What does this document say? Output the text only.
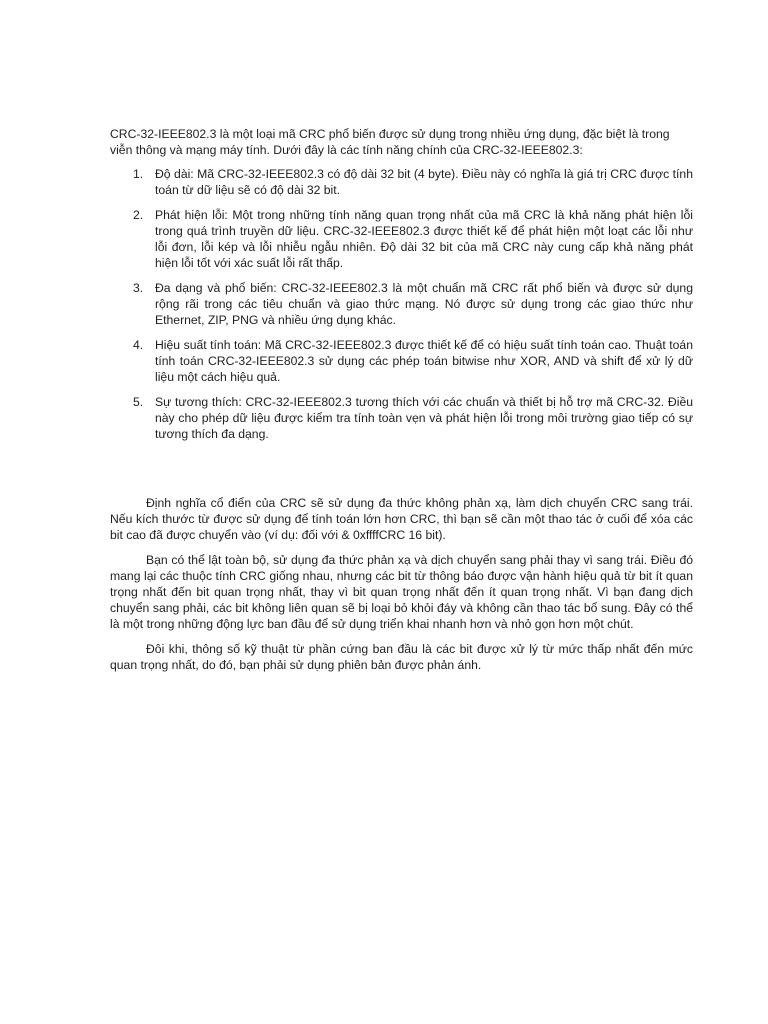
CRC-32-IEEE802.3 là một loại mã CRC phổ biến được sử dụng trong nhiều ứng dụng, đặc biệt là trong viễn thông và mạng máy tính. Dưới đây là các tính năng chính của CRC-32-IEEE802.3:

1. Độ dài: Mã CRC-32-IEEE802.3 có độ dài 32 bit (4 byte). Điều này có nghĩa là giá trị CRC được tính toán từ dữ liệu sẽ có độ dài 32 bit.
2. Phát hiện lỗi: Một trong những tính năng quan trọng nhất của mã CRC là khả năng phát hiện lỗi trong quá trình truyền dữ liệu. CRC-32-IEEE802.3 được thiết kế để phát hiện một loạt các lỗi như lỗi đơn, lỗi kép và lỗi nhiễu ngẫu nhiên. Độ dài 32 bit của mã CRC này cung cấp khả năng phát hiện lỗi tốt với xác suất lỗi rất thấp.
3. Đa dạng và phổ biến: CRC-32-IEEE802.3 là một chuẩn mã CRC rất phổ biến và được sử dụng rộng rãi trong các tiêu chuẩn và giao thức mạng. Nó được sử dụng trong các giao thức như Ethernet, ZIP, PNG và nhiều ứng dụng khác.
4. Hiệu suất tính toán: Mã CRC-32-IEEE802.3 được thiết kế để có hiệu suất tính toán cao. Thuật toán tính toán CRC-32-IEEE802.3 sử dụng các phép toán bitwise như XOR, AND và shift để xử lý dữ liệu một cách hiệu quả.
5. Sự tương thích: CRC-32-IEEE802.3 tương thích với các chuẩn và thiết bị hỗ trợ mã CRC-32. Điều này cho phép dữ liệu được kiểm tra tính toàn vẹn và phát hiện lỗi trong môi trường giao tiếp có sự tương thích đa dạng.

Định nghĩa cổ điển của CRC sẽ sử dụng đa thức không phản xạ, làm dịch chuyển CRC sang trái. Nếu kích thước từ được sử dụng để tính toán lớn hơn CRC, thì bạn sẽ cần một thao tác ở cuối để xóa các bit cao đã được chuyển vào (ví dụ: đối với & 0xffffCRC 16 bit).

Bạn có thể lật toàn bộ, sử dụng đa thức phản xạ và dịch chuyển sang phải thay vì sang trái. Điều đó mang lại các thuộc tính CRC giống nhau, nhưng các bit từ thông báo được vận hành hiệu quả từ bit ít quan trọng nhất đến bit quan trọng nhất, thay vì bit quan trọng nhất đến ít quan trọng nhất. Vì bạn đang dịch chuyển sang phải, các bit không liên quan sẽ bị loại bỏ khỏi đáy và không cần thao tác bổ sung. Đây có thể là một trong những động lực ban đầu để sử dụng triển khai nhanh hơn và nhỏ gọn hơn một chút.

Đôi khi, thông số kỹ thuật từ phần cứng ban đầu là các bit được xử lý từ mức thấp nhất đến mức quan trọng nhất, do đó, bạn phải sử dụng phiên bản được phản ánh.
